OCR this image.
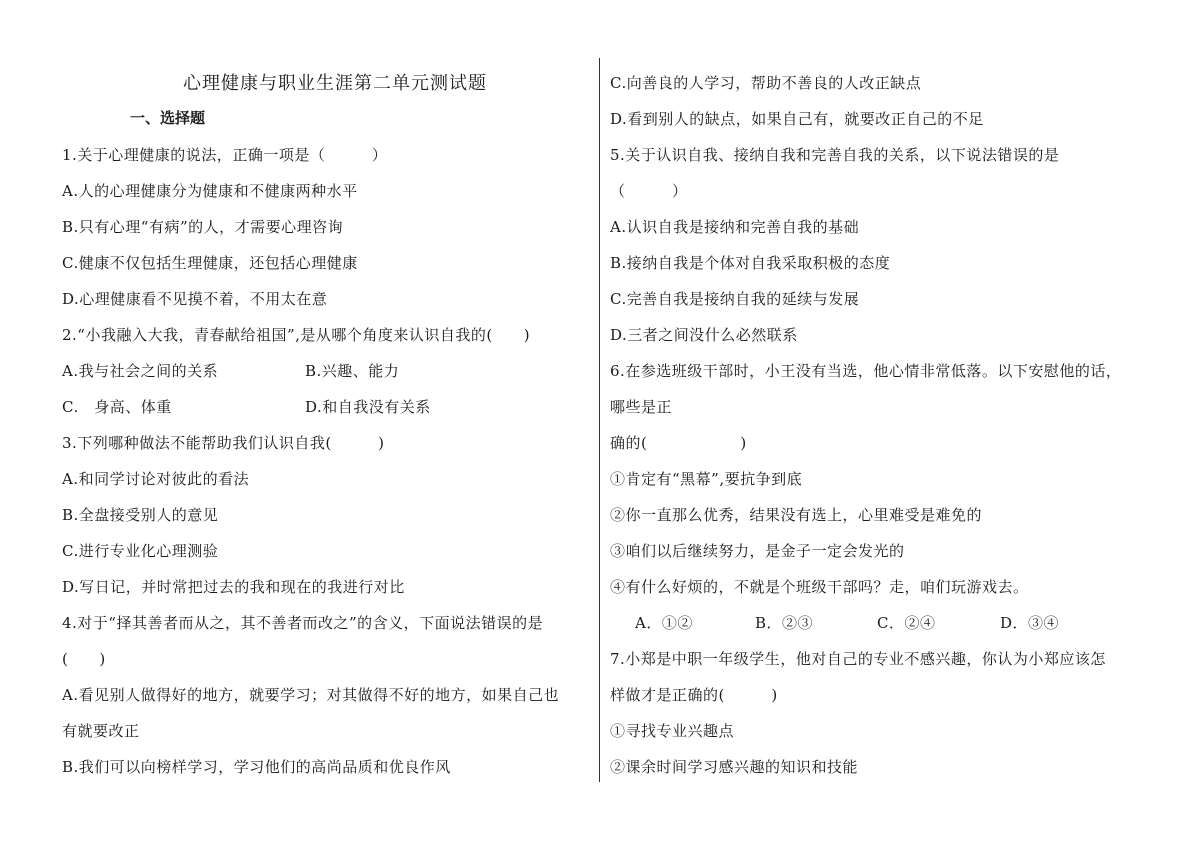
心理健康与职业生涯第二单元测试题
一、选择题
1.关于心理健康的说法，正确一项是（　　　）
A.人的心理健康分为健康和不健康两种水平
B.只有心理“有病”的人，才需要心理咨询
C.健康不仅包括生理健康，还包括心理健康
D.心理健康看不见摸不着，不用太在意
2.“小我融入大我，青春献给祖国”,是从哪个角度来认识自我的(　　)
A.我与社会之间的关系	B.兴趣、能力
C.　身高、体重	D.和自我没有关系
3.下列哪种做法不能帮助我们认识自我(　　　)
A.和同学讨论对彼此的看法
B.全盘接受别人的意见
C.进行专业化心理测验
D.写日记，并时常把过去的我和现在的我进行对比
4.对于“择其善者而从之，其不善者而改之”的含义，下面说法错误的是
(　　)
A.看见别人做得好的地方，就要学习；对其做得不好的地方，如果自己也
有就要改正
B.我们可以向榜样学习，学习他们的高尚品质和优良作风
C.向善良的人学习，帮助不善良的人改正缺点
D.看到别人的缺点，如果自己有，就要改正自己的不足
5.关于认识自我、接纳自我和完善自我的关系，以下说法错误的是
（　　　）
A.认识自我是接纳和完善自我的基础
B.接纳自我是个体对自我采取积极的态度
C.完善自我是接纳自我的延续与发展
D.三者之间没什么必然联系
6.在参选班级干部时，小王没有当选，他心情非常低落。以下安慰他的话，
哪些是正
确的(　　　　　　)
①肯定有“黑幕”,要抗争到底
②你一直那么优秀，结果没有选上，心里难受是难免的
③咱们以后继续努力，是金子一定会发光的
④有什么好烦的，不就是个班级干部吗？走，咱们玩游戏去。
A．①②	B．②③	C．②④	D．③④
7.小郑是中职一年级学生，他对自己的专业不感兴趣，你认为小郑应该怎
样做才是正确的(　　　)
①寻找专业兴趣点
②课余时间学习感兴趣的知识和技能
